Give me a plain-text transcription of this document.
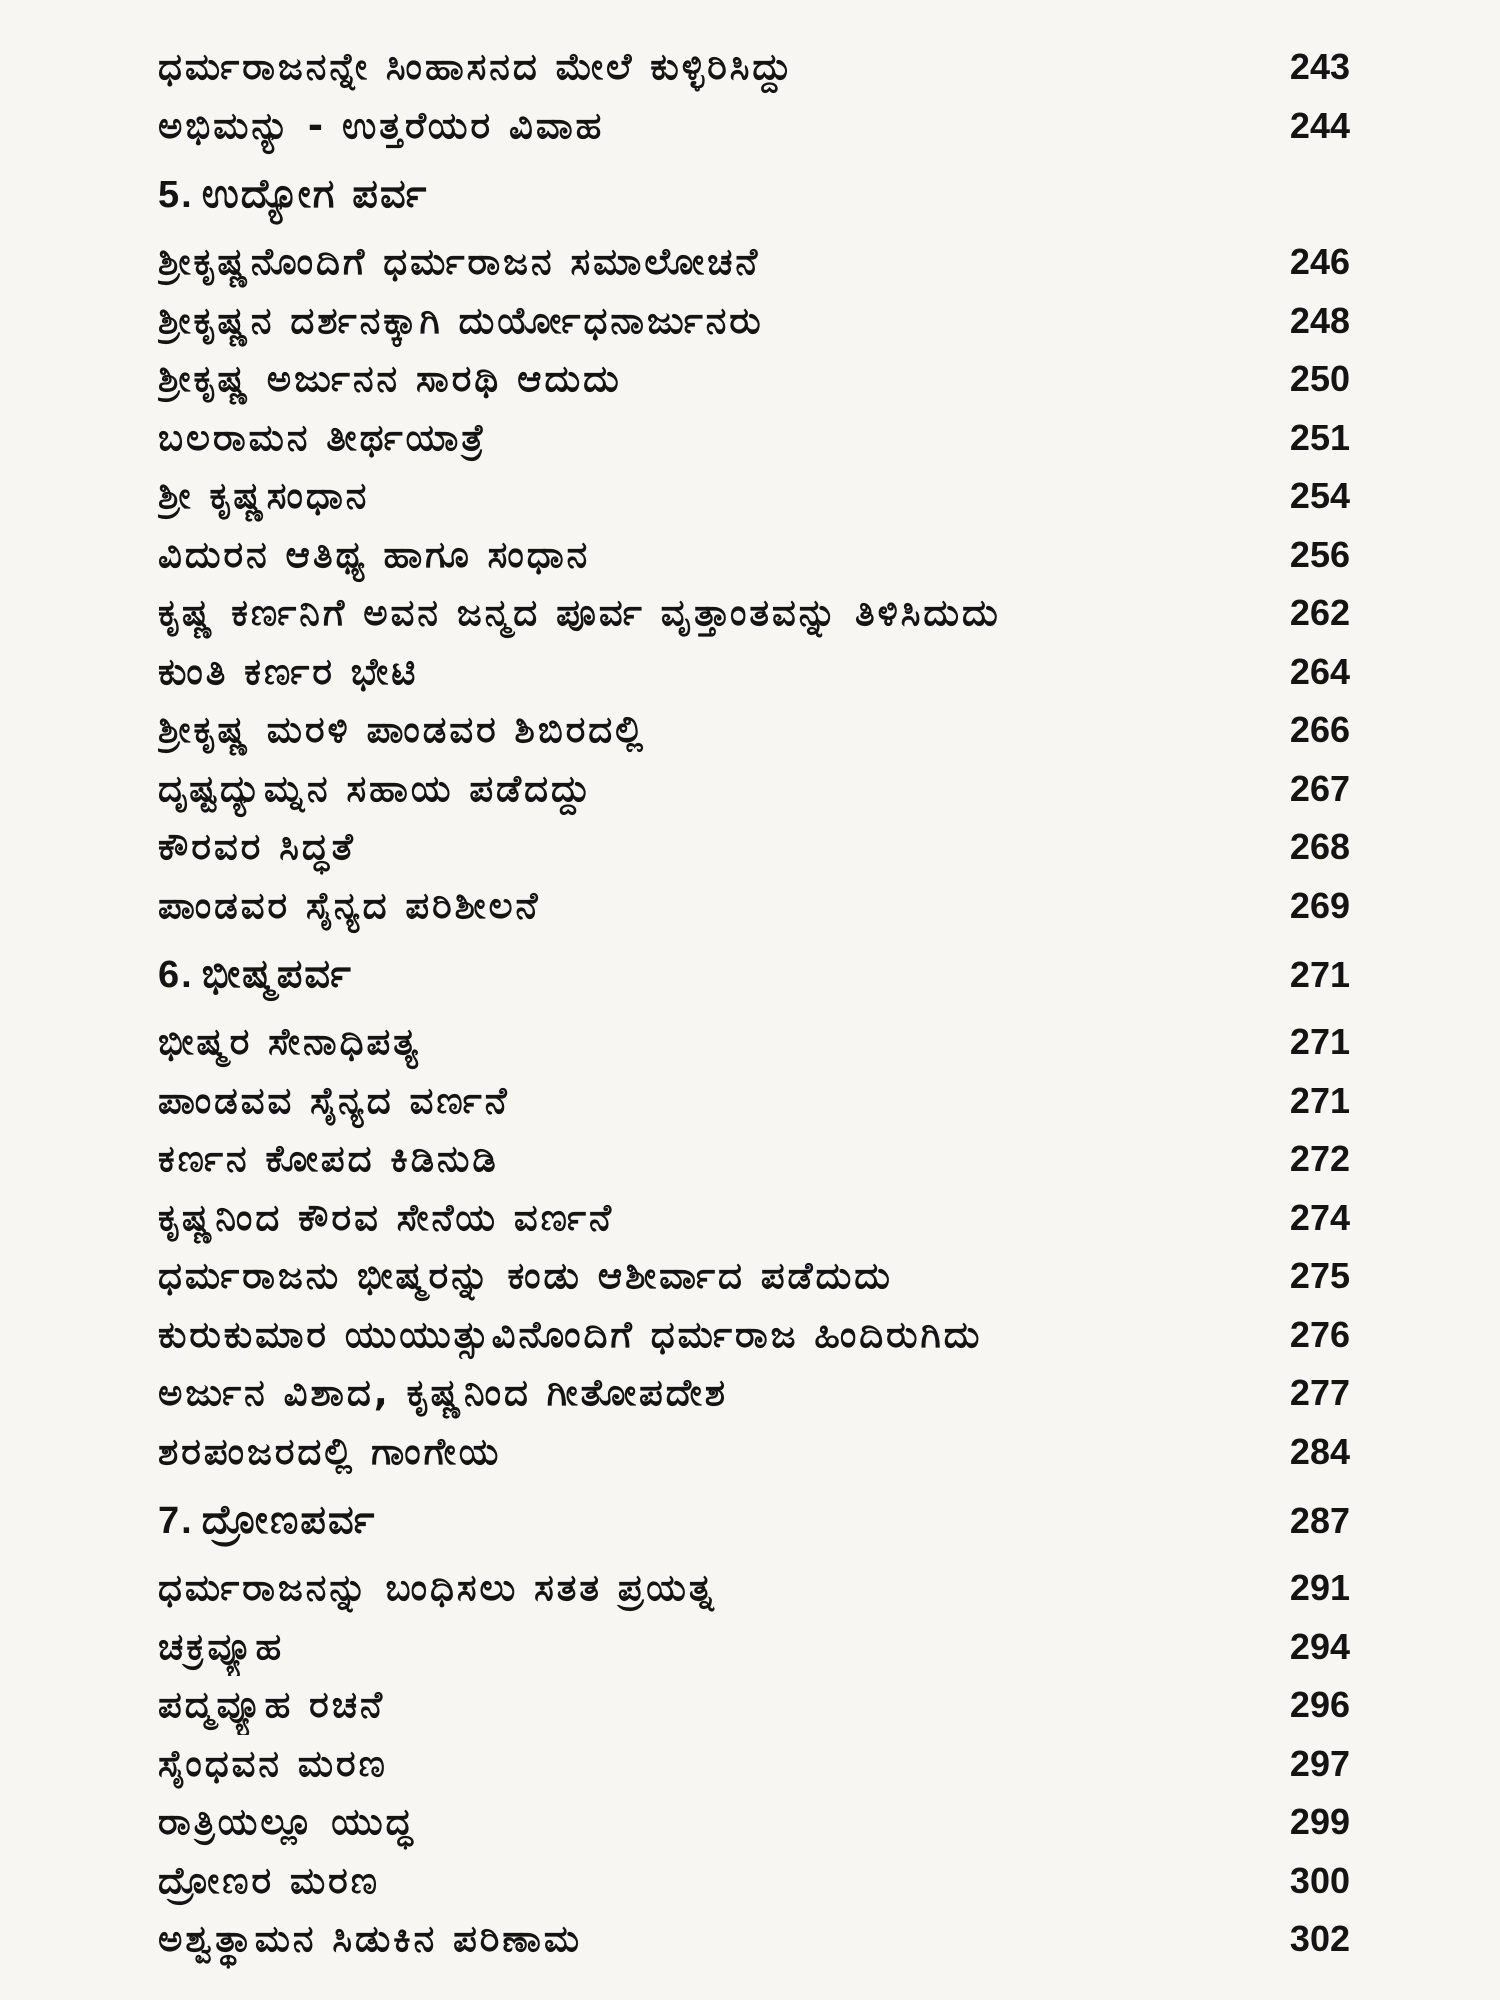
ಧರ್ಮರಾಜನನ್ನೇ ಸಿಂಹಾಸನದ ಮೇಲೆ ಕುಳ್ಳಿರಿಸಿದ್ದು	243
ಅಭಿಮನ್ಯು - ಉತ್ತರೆಯರ ವಿವಾಹ	244
5. ಉದ್ಯೋಗ ಪರ್ವ
ಶ್ರೀಕೃಷ್ಣನೊಂದಿಗೆ ಧರ್ಮರಾಜನ ಸಮಾಲೋಚನೆ	246
ಶ್ರೀಕೃಷ್ಣನ ದರ್ಶನಕ್ಕಾಗಿ ದುರ್ಯೋಧನಾರ್ಜುನರು	248
ಶ್ರೀಕೃಷ್ಣ ಅರ್ಜುನನ ಸಾರಥಿ ಆದುದು	250
ಬಲರಾಮನ ತೀರ್ಥಯಾತ್ರೆ	251
ಶ್ರೀ ಕೃಷ್ಣಸಂಧಾನ	254
ವಿದುರನ ಆತಿಥ್ಯ ಹಾಗೂ ಸಂಧಾನ	256
ಕೃಷ್ಣ ಕರ್ಣನಿಗೆ ಅವನ ಜನ್ಮದ ಪೂರ್ವ ವೃತ್ತಾಂತವನ್ನು ತಿಳಿಸಿದುದು	262
ಕುಂತಿ ಕರ್ಣರ ಭೇಟಿ	264
ಶ್ರೀಕೃಷ್ಣ ಮರಳಿ ಪಾಂಡವರ ಶಿಬಿರದಲ್ಲಿ	266
ದೃಷ್ಟದ್ಯುಮ್ನನ ಸಹಾಯ ಪಡೆದದ್ದು	267
ಕೌರವರ ಸಿದ್ಧತೆ	268
ಪಾಂಡವರ ಸೈನ್ಯದ ಪರಿಶೀಲನೆ	269
6. ಭೀಷ್ಮಪರ್ವ	271
ಭೀಷ್ಮರ ಸೇನಾಧಿಪತ್ಯ	271
ಪಾಂಡವವ ಸೈನ್ಯದ ವರ್ಣನೆ	271
ಕರ್ಣನ ಕೋಪದ ಕಿಡಿನುಡಿ	272
ಕೃಷ್ಣನಿಂದ ಕೌರವ ಸೇನೆಯ ವರ್ಣನೆ	274
ಧರ್ಮರಾಜನು ಭೀಷ್ಮರನ್ನು ಕಂಡು ಆಶೀರ್ವಾದ ಪಡೆದುದು	275
ಕುರುಕುಮಾರ ಯುಯುತ್ಸುವಿನೊಂದಿಗೆ ಧರ್ಮರಾಜ ಹಿಂದಿರುಗಿದು	276
ಅರ್ಜುನ ವಿಶಾದ, ಕೃಷ್ಣನಿಂದ ಗೀತೋಪದೇಶ	277
ಶರಪಂಜರದಲ್ಲಿ ಗಾಂಗೇಯ	284
7. ದ್ರೋಣಪರ್ವ	287
ಧರ್ಮರಾಜನನ್ನು ಬಂಧಿಸಲು ಸತತ ಪ್ರಯತ್ನ	291
ಚಕ್ರವ್ಯೂಹ	294
ಪದ್ಮವ್ಯೂಹ ರಚನೆ	296
ಸೈಂಧವನ ಮರಣ	297
ರಾತ್ರಿಯಲ್ಲೂ ಯುದ್ಧ	299
ದ್ರೋಣರ ಮರಣ	300
ಅಶ್ವತ್ಥಾಮನ ಸಿಡುಕಿನ ಪರಿಣಾಮ	302
